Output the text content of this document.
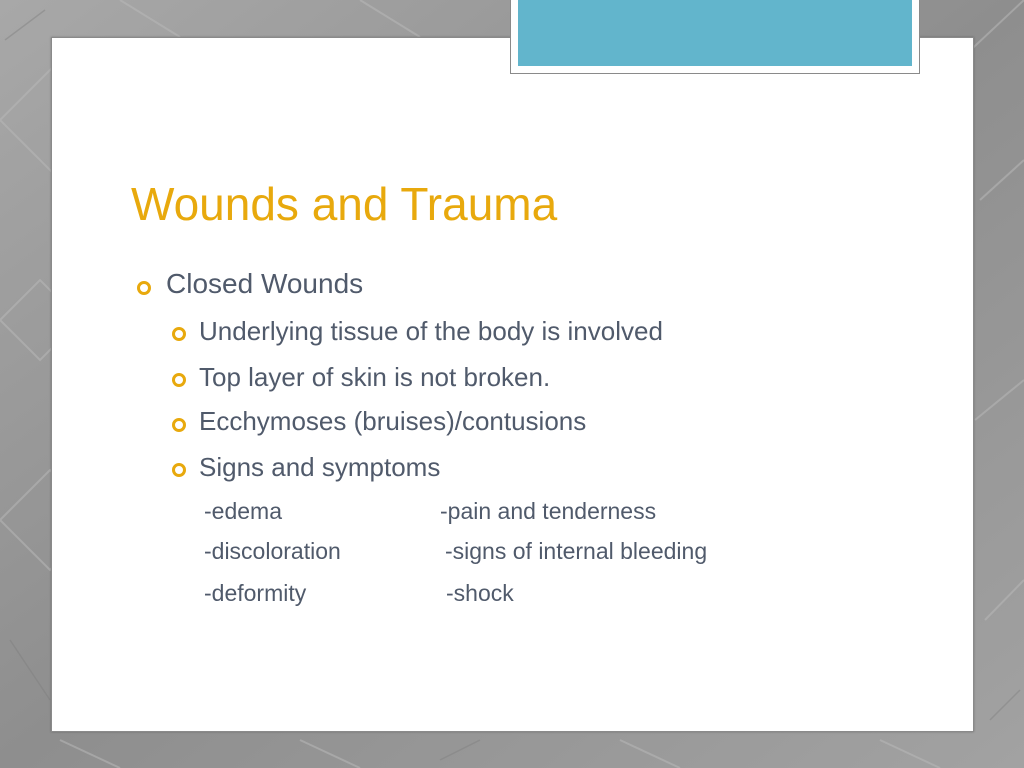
Wounds and Trauma
Closed Wounds
Underlying tissue of the body is involved
Top layer of skin is not broken.
Ecchymoses (bruises)/contusions
Signs and symptoms
-edema	-pain and tenderness
-discoloration	-signs of internal bleeding
-deformity	-shock
